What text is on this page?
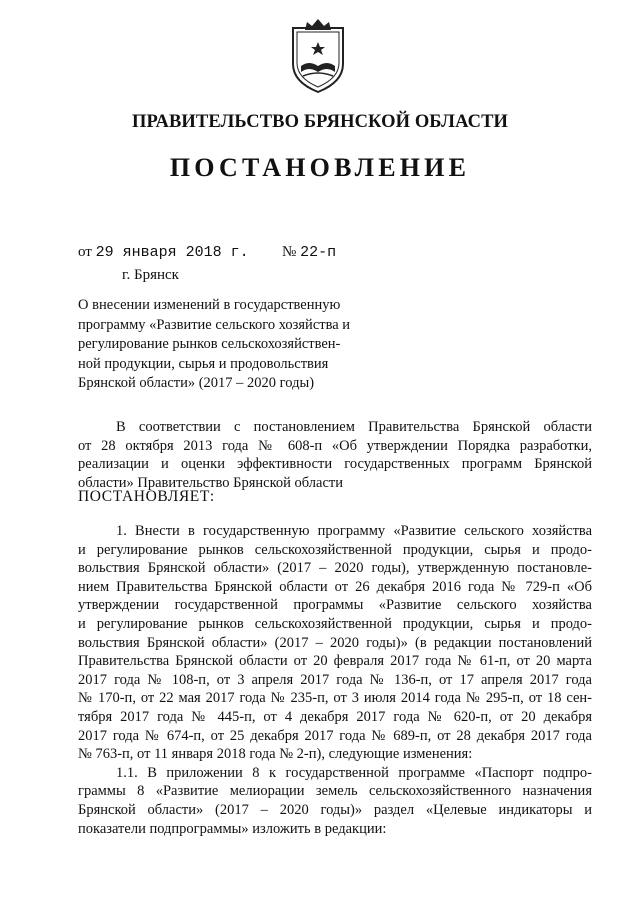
ПРАВИТЕЛЬСТВО БРЯНСКОЙ ОБЛАСТИ
ПОСТАНОВЛЕНИЕ
от 29 января 2018 г. № 22-п
г. Брянск
О внесении изменений в государственную
программу «Развитие сельского хозяйства и
регулирование рынков сельскохозяйствен-
ной продукции, сырья и продовольствия
Брянской области» (2017 – 2020 годы)
В соответствии с постановлением Правительства Брянской области
от 28 октября 2013 года № 608-п «Об утверждении Порядка разработки,
реализации и оценки эффективности государственных программ Брянской
области» Правительство Брянской области
ПОСТАНОВЛЯЕТ:
1. Внести в государственную программу «Развитие сельского хозяйства
и регулирование рынков сельскохозяйственной продукции, сырья и продо-
вольствия Брянской области» (2017 – 2020 годы), утвержденную постановле-
нием Правительства Брянской области от 26 декабря 2016 года № 729-п «Об
утверждении государственной программы «Развитие сельского хозяйства
и регулирование рынков сельскохозяйственной продукции, сырья и продо-
вольствия Брянской области» (2017 – 2020 годы)» (в редакции постановлений
Правительства Брянской области от 20 февраля 2017 года № 61-п, от 20 марта
2017 года № 108-п, от 3 апреля 2017 года № 136-п, от 17 апреля 2017 года
№ 170-п, от 22 мая 2017 года № 235-п, от 3 июля 2014 года № 295-п, от 18 сен-
тября 2017 года № 445-п, от 4 декабря 2017 года № 620-п, от 20 декабря
2017 года № 674-п, от 25 декабря 2017 года № 689-п, от 28 декабря 2017 года
№ 763-п, от 11 января 2018 года № 2-п), следующие изменения:
1.1. В приложении 8 к государственной программе «Паспорт подпро-
граммы 8 «Развитие мелиорации земель сельскохозяйственного назначения
Брянской области» (2017 – 2020 годы)» раздел «Целевые индикаторы и
показатели подпрограммы» изложить в редакции:
